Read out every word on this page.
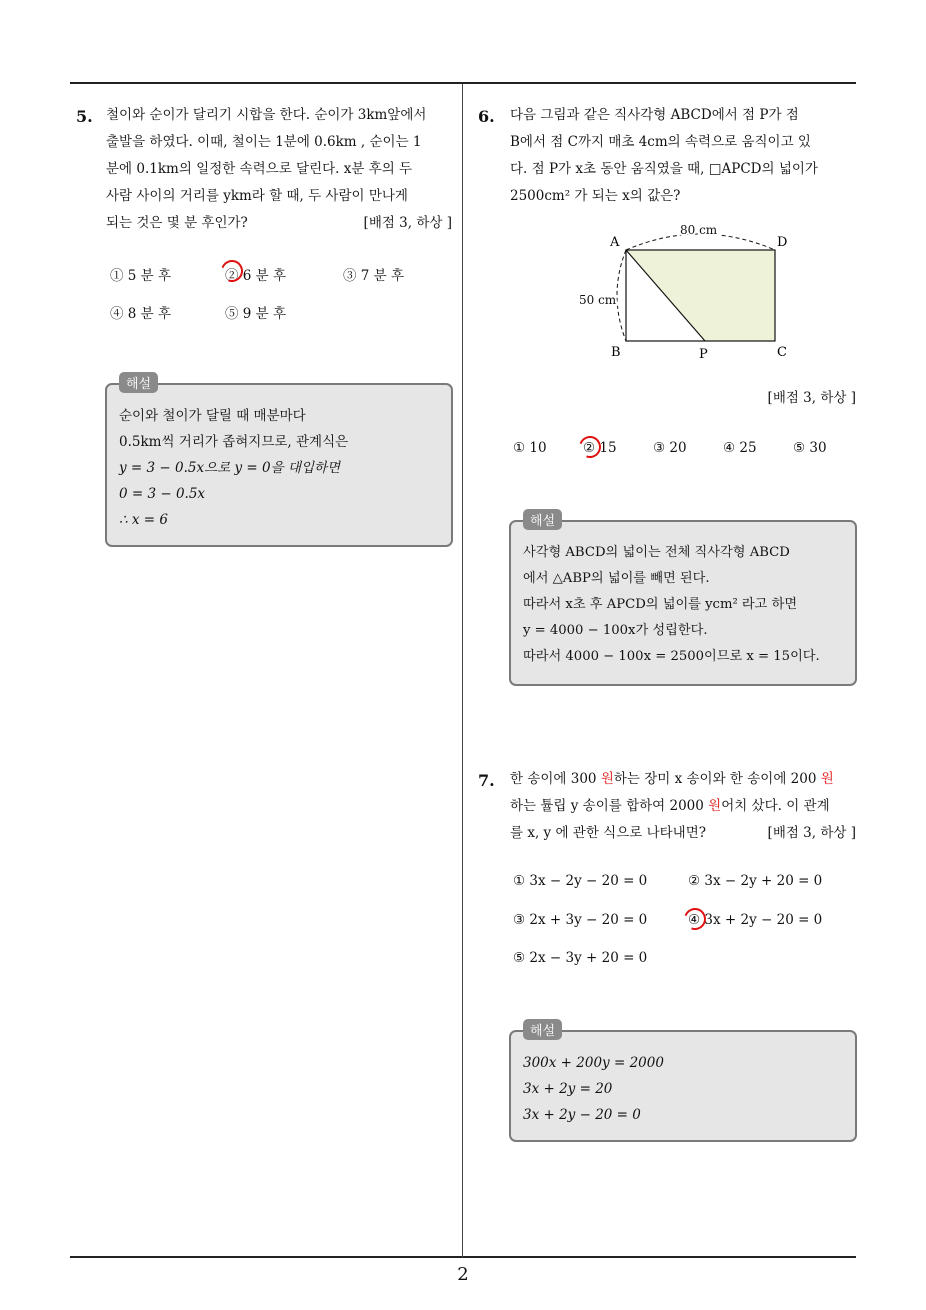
5. 철이와 순이가 달리기 시합을 한다. 순이가 3km앞에서
출발을 하였다. 이때, 철이는 1분에 0.6km , 순이는 1
분에 0.1km의 일정한 속력으로 달린다. x분 후의 두
사람 사이의 거리를 ykm라 할 때, 두 사람이 만나게
되는 것은 몇 분 후인가?	[배점 3, 하상 ]
① 5 분 후	② 6 분 후	③ 7 분 후
④ 8 분 후	⑤ 9 분 후
순이와 철이가 달릴 때 매분마다
0.5km씩 거리가 좁혀지므로, 관계식은
y = 3 − 0.5x으로 y = 0을 대입하면
0 = 3 − 0.5x
∴ x = 6
해설
6. 다음 그림과 같은 직사각형 ABCD에서 점 P가 점
B에서 점 C까지 매초 4cm의 속력으로 움직이고 있
다. 점 P가 x초 동안 움직였을 때, □APCD의 넓이가
2500cm² 가 되는 x의 값은?
A	D
B	C
P
80 cm
50 cm
[배점 3, 하상 ]
① 10	② 15	③ 20	④ 25	⑤ 30
사각형 ABCD의 넓이는 전체 직사각형 ABCD
에서 △ABP의 넓이를 빼면 된다.
따라서 x초 후 APCD의 넓이를 ycm² 라고 하면
y = 4000 − 100x가 성립한다.
따라서 4000 − 100x = 2500이므로 x = 15이다.
해설
7. 한 송이에 300 원하는 장미 x 송이와 한 송이에 200 원
하는 튤립 y 송이를 합하여 2000 원어치 샀다. 이 관계
를 x, y 에 관한 식으로 나타내면?	[배점 3, 하상 ]
① 3x − 2y − 20 = 0	② 3x − 2y + 20 = 0
③ 2x + 3y − 20 = 0	④ 3x + 2y − 20 = 0
⑤ 2x − 3y + 20 = 0
300x + 200y = 2000
3x + 2y = 20
3x + 2y − 20 = 0
해설
2
